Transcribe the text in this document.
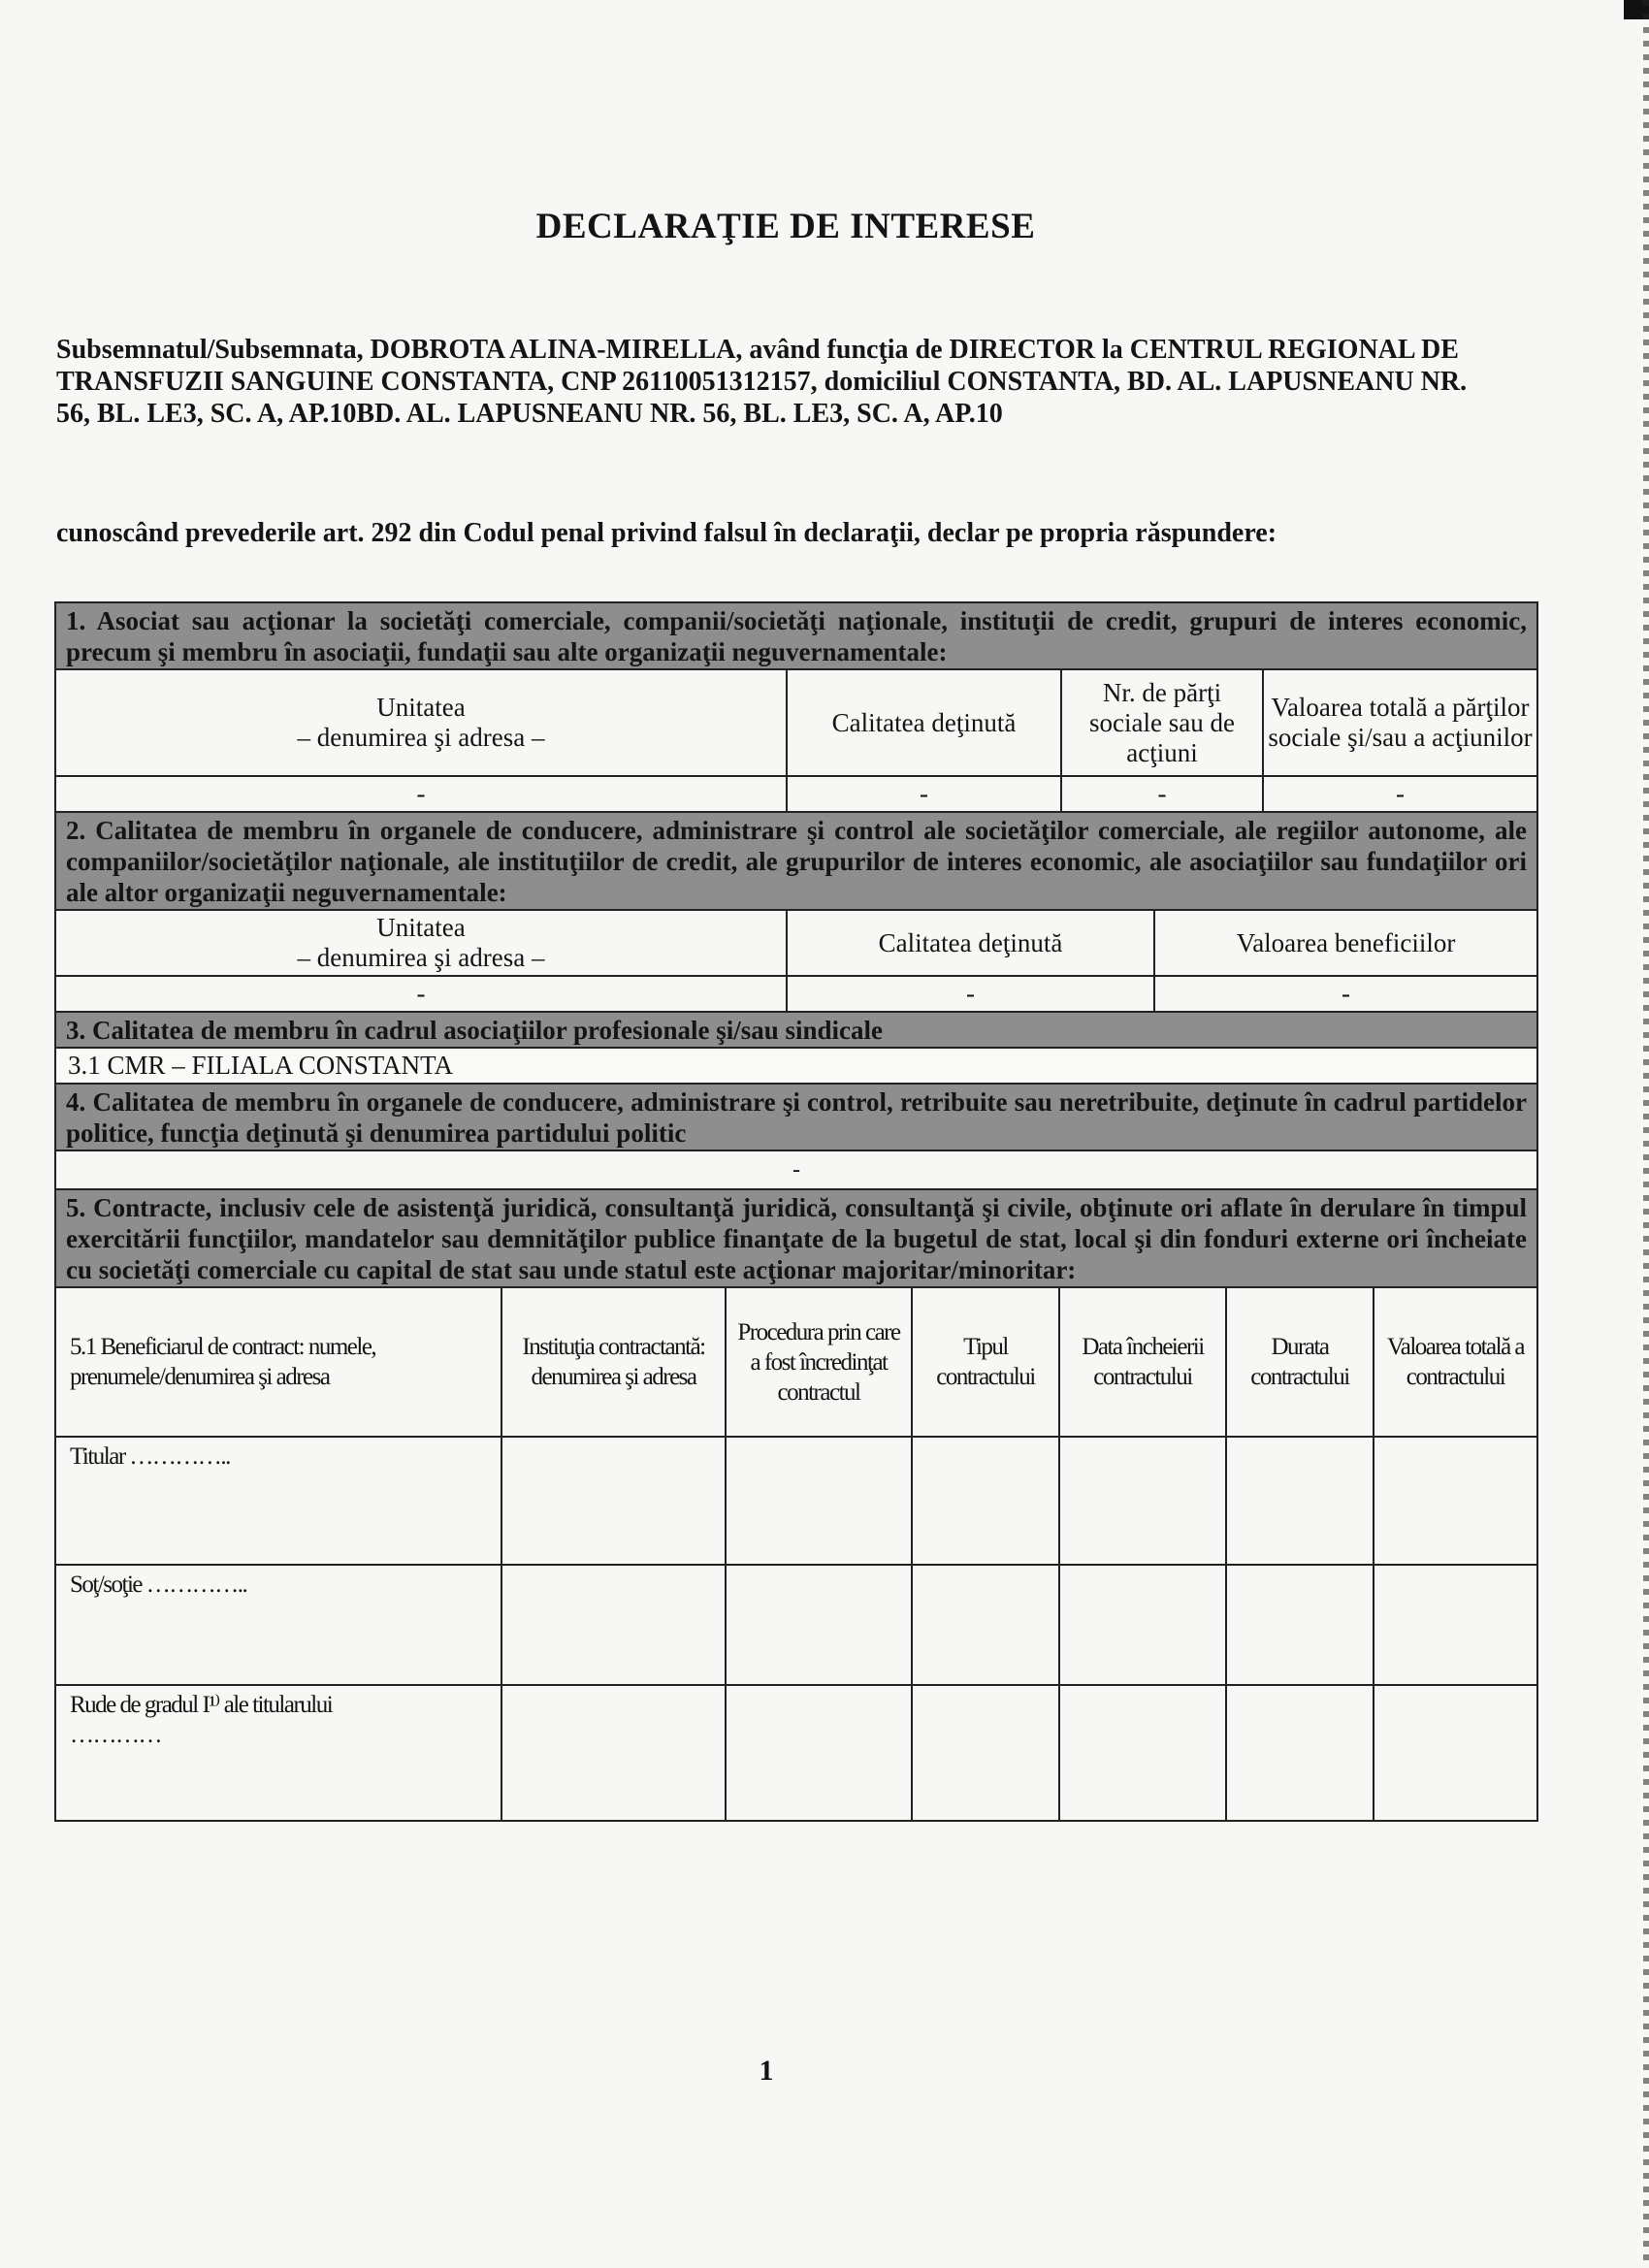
DECLARAŢIE DE INTERESE
Subsemnatul/Subsemnata, DOBROTA ALINA-MIRELLA, având funcţia de DIRECTOR la CENTRUL REGIONAL DE TRANSFUZII SANGUINE CONSTANTA, CNP 26110051312157, domiciliul CONSTANTA, BD. AL. LAPUSNEANU NR. 56, BL. LE3, SC. A, AP.10BD. AL. LAPUSNEANU NR. 56, BL. LE3, SC. A, AP.10
cunoscând prevederile art. 292 din Codul penal privind falsul în declaraţii, declar pe propria răspundere:
1. Asociat sau acţionar la societăţi comerciale, companii/societăţi naţionale, instituţii de credit, grupuri de interes economic, precum şi membru în asociaţii, fundaţii sau alte organizaţii neguvernamentale:
Unitatea
– denumirea şi adresa –	Calitatea deţinută	Nr. de părţi sociale sau de acţiuni	Valoarea totală a părţilor sociale şi/sau a acţiunilor
-	-	-	-
2. Calitatea de membru în organele de conducere, administrare şi control ale societăţilor comerciale, ale regiilor autonome, ale companiilor/societăţilor naţionale, ale instituţiilor de credit, ale grupurilor de interes economic, ale asociaţiilor sau fundaţiilor ori ale altor organizaţii neguvernamentale:
Unitatea
– denumirea şi adresa –	Calitatea deţinută	Valoarea beneficiilor
-	-	-
3. Calitatea de membru în cadrul asociaţiilor profesionale şi/sau sindicale
3.1 CMR – FILIALA CONSTANTA
4. Calitatea de membru în organele de conducere, administrare şi control, retribuite sau neretribuite, deţinute în cadrul partidelor politice, funcţia deţinută şi denumirea partidului politic
-
5. Contracte, inclusiv cele de asistenţă juridică, consultanţă juridică, consultanţă şi civile, obţinute ori aflate în derulare în timpul exercitării funcţiilor, mandatelor sau demnităţilor publice finanţate de la bugetul de stat, local şi din fonduri externe ori încheiate cu societăţi comerciale cu capital de stat sau unde statul este acţionar majoritar/minoritar:
5.1 Beneficiarul de contract: numele, prenumele/denumirea şi adresa	Instituţia contractantă: denumirea şi adresa	Procedura prin care a fost încredinţat contractul	Tipul contractului	Data încheierii contractului	Durata contractului	Valoarea totală a contractului
Titular …………..						
Soţ/soţie …………..						
Rude de gradul I¹⁾ ale titularului
…………						
1
